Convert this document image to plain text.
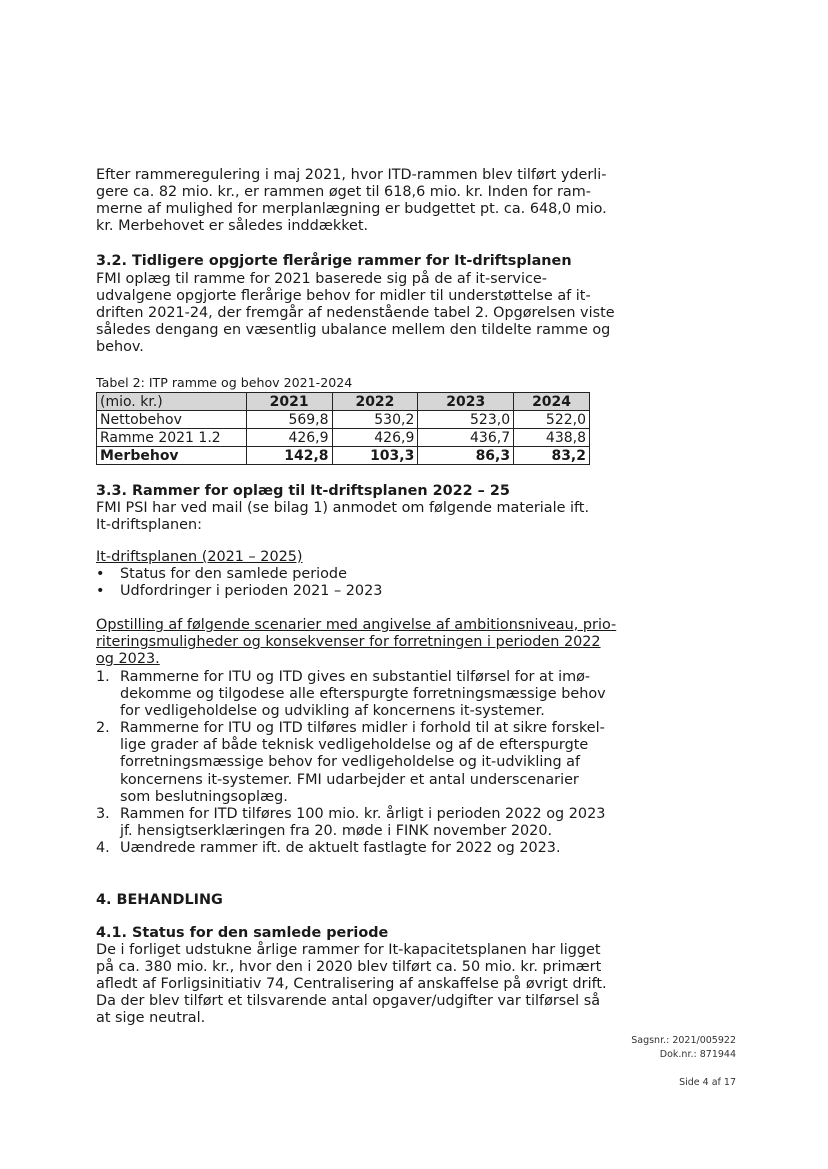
Efter rammeregulering i maj 2021, hvor ITD-rammen blev tilført yderli-
gere ca. 82 mio. kr., er rammen øget til 618,6 mio. kr. Inden for ram-
merne af mulighed for merplanlægning er budgettet pt. ca. 648,0 mio.
kr. Merbehovet er således inddækket.
3.2. Tidligere opgjorte flerårige rammer for It-driftsplanen
FMI oplæg til ramme for 2021 baserede sig på de af it-service-
udvalgene opgjorte flerårige behov for midler til understøttelse af it-
driften 2021-24, der fremgår af nedenstående tabel 2. Opgørelsen viste
således dengang en væsentlig ubalance mellem den tildelte ramme og
behov.
Tabel 2: ITP ramme og behov 2021-2024
(mio. kr.)	2021	2022	2023	2024
Nettobehov	569,8	530,2	523,0	522,0
Ramme 2021 1.2	426,9	426,9	436,7	438,8
Merbehov	142,8	103,3	86,3	83,2
3.3. Rammer for oplæg til It-driftsplanen 2022 – 25
FMI PSI har ved mail (se bilag 1) anmodet om følgende materiale ift.
It-driftsplanen:
It-driftsplanen (2021 – 2025)
•	Status for den samlede periode
•	Udfordringer i perioden 2021 – 2023
Opstilling af følgende scenarier med angivelse af ambitionsniveau, prio-
riteringsmuligheder og konsekvenser for forretningen i perioden 2022
og 2023.
1. Rammerne for ITU og ITD gives en substantiel tilførsel for at imø-
dekomme og tilgodese alle efterspurgte forretningsmæssige behov
for vedligeholdelse og udvikling af koncernens it-systemer.
2. Rammerne for ITU og ITD tilføres midler i forhold til at sikre forskel-
lige grader af både teknisk vedligeholdelse og af de efterspurgte
forretningsmæssige behov for vedligeholdelse og it-udvikling af
koncernens it-systemer. FMI udarbejder et antal underscenarier
som beslutningsoplæg.
3. Rammen for ITD tilføres 100 mio. kr. årligt i perioden 2022 og 2023
jf. hensigtserklæringen fra 20. møde i FINK november 2020.
4. Uændrede rammer ift. de aktuelt fastlagte for 2022 og 2023.
4. BEHANDLING
4.1. Status for den samlede periode
De i forliget udstukne årlige rammer for It-kapacitetsplanen har ligget
på ca. 380 mio. kr., hvor den i 2020 blev tilført ca. 50 mio. kr. primært
afledt af Forligsinitiativ 74, Centralisering af anskaffelse på øvrigt drift.
Da der blev tilført et tilsvarende antal opgaver/udgifter var tilførsel så
at sige neutral.
Sagsnr.: 2021/005922
Dok.nr.: 871944
Side 4 af 17
